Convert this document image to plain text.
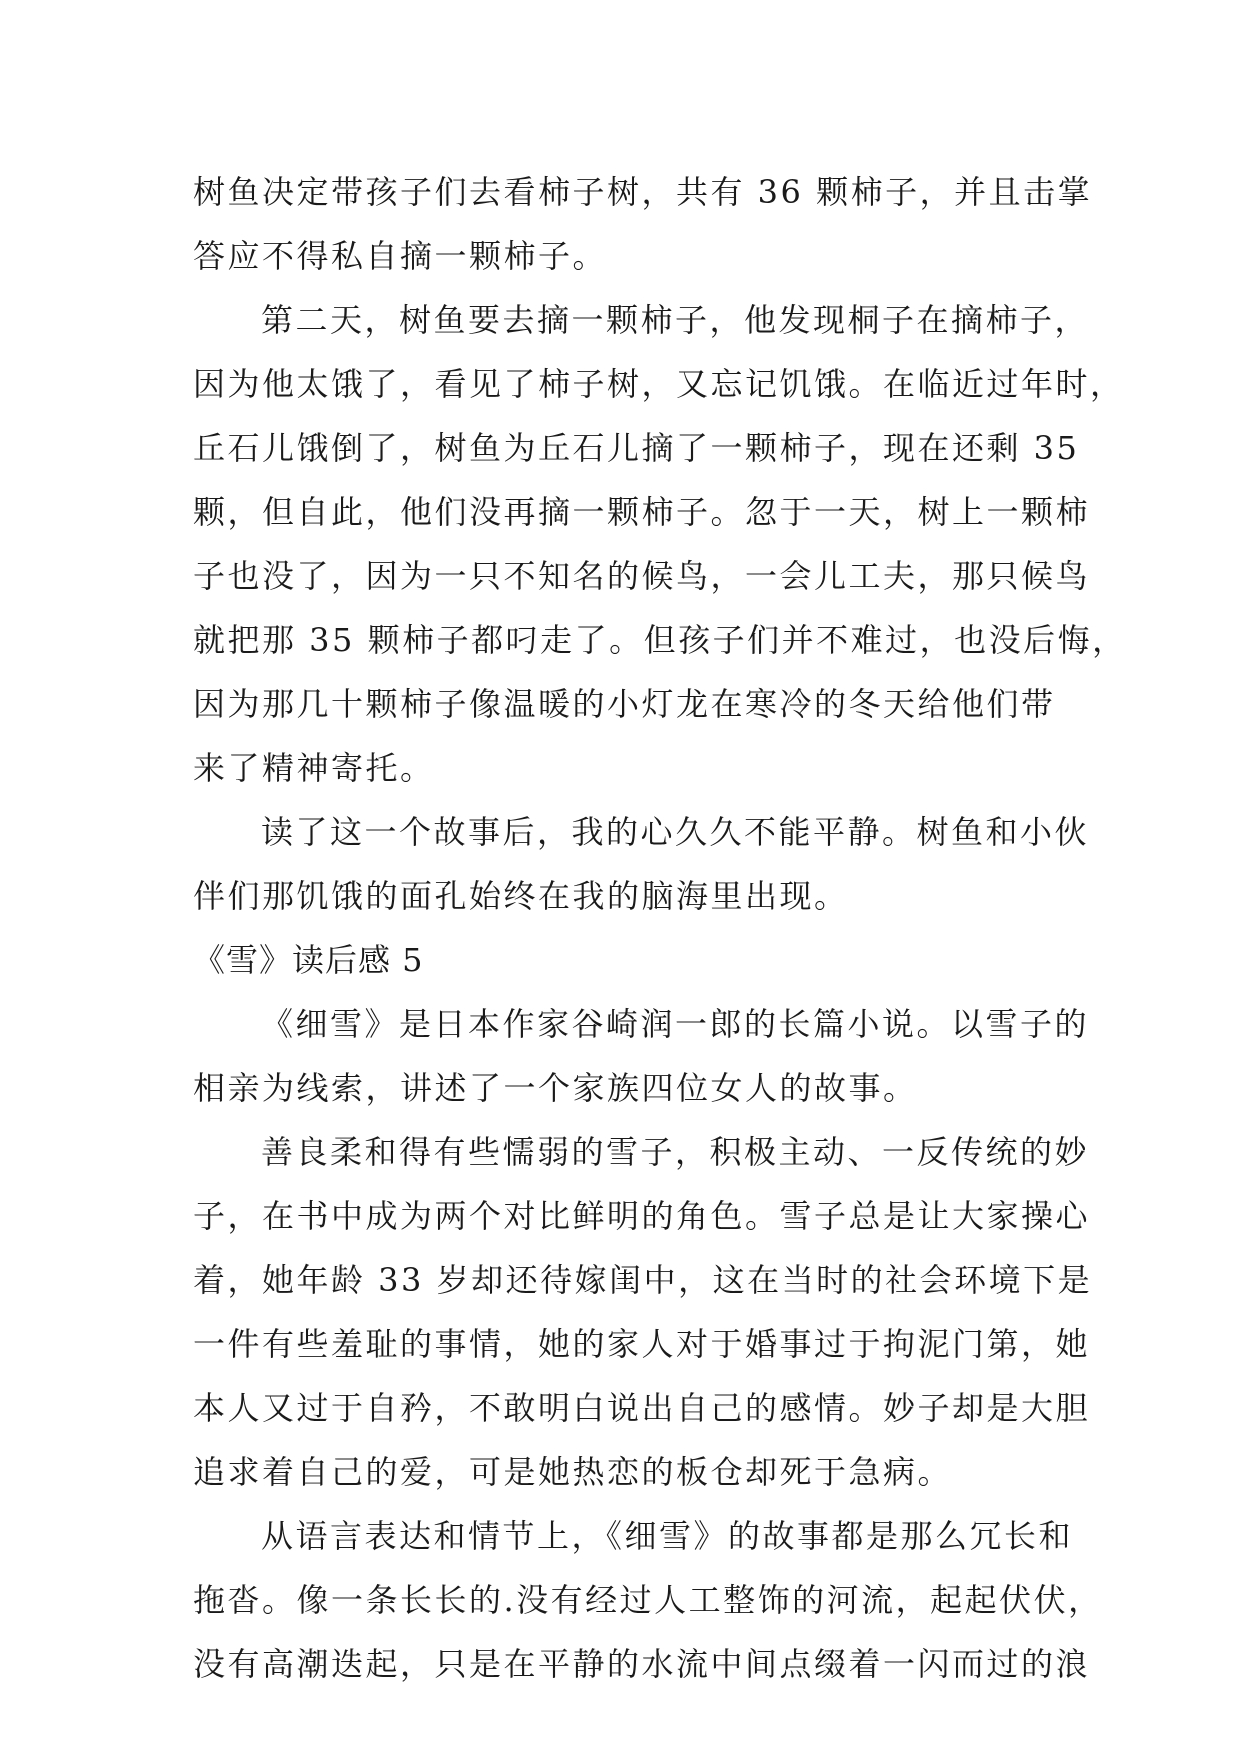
树鱼决定带孩子们去看柿子树，共有 36 颗柿子，并且击掌
答应不得私自摘一颗柿子。
第二天，树鱼要去摘一颗柿子，他发现桐子在摘柿子，
因为他太饿了，看见了柿子树，又忘记饥饿。在临近过年时，
丘石儿饿倒了，树鱼为丘石儿摘了一颗柿子，现在还剩 35
颗，但自此，他们没再摘一颗柿子。忽于一天，树上一颗柿
子也没了，因为一只不知名的候鸟，一会儿工夫，那只候鸟
就把那 35 颗柿子都叼走了。但孩子们并不难过，也没后悔，
因为那几十颗柿子像温暖的小灯龙在寒冷的冬天给他们带
来了精神寄托。
读了这一个故事后，我的心久久不能平静。树鱼和小伙
伴们那饥饿的面孔始终在我的脑海里出现。
《雪》读后感 5
《细雪》是日本作家谷崎润一郎的长篇小说。以雪子的
相亲为线索，讲述了一个家族四位女人的故事。
善良柔和得有些懦弱的雪子，积极主动、一反传统的妙
子，在书中成为两个对比鲜明的角色。雪子总是让大家操心
着，她年龄 33 岁却还待嫁闺中，这在当时的社会环境下是
一件有些羞耻的事情，她的家人对于婚事过于拘泥门第，她
本人又过于自矜，不敢明白说出自己的感情。妙子却是大胆
追求着自己的爱，可是她热恋的板仓却死于急病。
从语言表达和情节上，《细雪》的故事都是那么冗长和
拖沓。像一条长长的.没有经过人工整饰的河流，起起伏伏，
没有高潮迭起，只是在平静的水流中间点缀着一闪而过的浪
